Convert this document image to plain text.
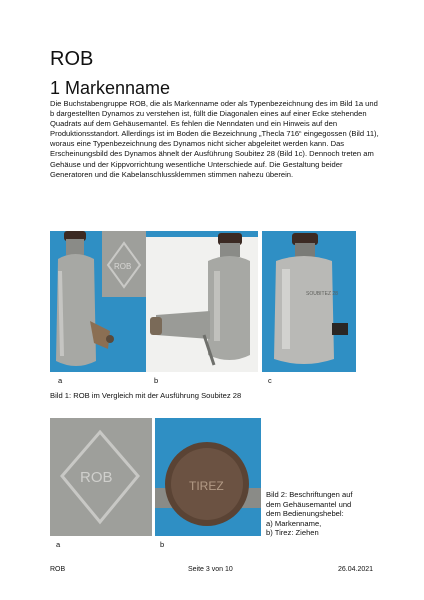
ROB
1 Markenname

Die Buchstabengruppe ROB, die als Markenname oder als Typenbezeichnung des im Bild 1a und b dargestellten Dynamos zu verstehen ist, füllt die Diagonalen eines auf einer Ecke stehenden Quadrats auf dem Gehäusemantel. Es fehlen die Nenndaten und ein Hinweis auf den Produktionsstandort. Allerdings ist im Boden die Bezeichnung „Thecla 716“ eingegossen (Bild 11), woraus eine Typenbezeichnung des Dynamos nicht sicher abgeleitet werden kann. Das Erscheinungsbild des Dynamos ähnelt der Ausführung Soubitez 28 (Bild 1c). Dennoch treten am Gehäuse und der Kippvorrichtung wesentliche Unterschiede auf. Die Gestaltung beider Generatoren und die Kabelanschlussklemmen stimmen nahezu überein.

ROB
SOUBITEZ 28
a	b	c
Bild 1: ROB im Vergleich mit der Ausführung Soubitez 28
ROB	TIREZ
a	b
Bild 2: Beschriftungen auf
dem Gehäusemantel und
dem Bedienungshebel:
a) Markenname,
b) Tirez: Ziehen
ROB	Seite 3 von 10	26.04.2021
